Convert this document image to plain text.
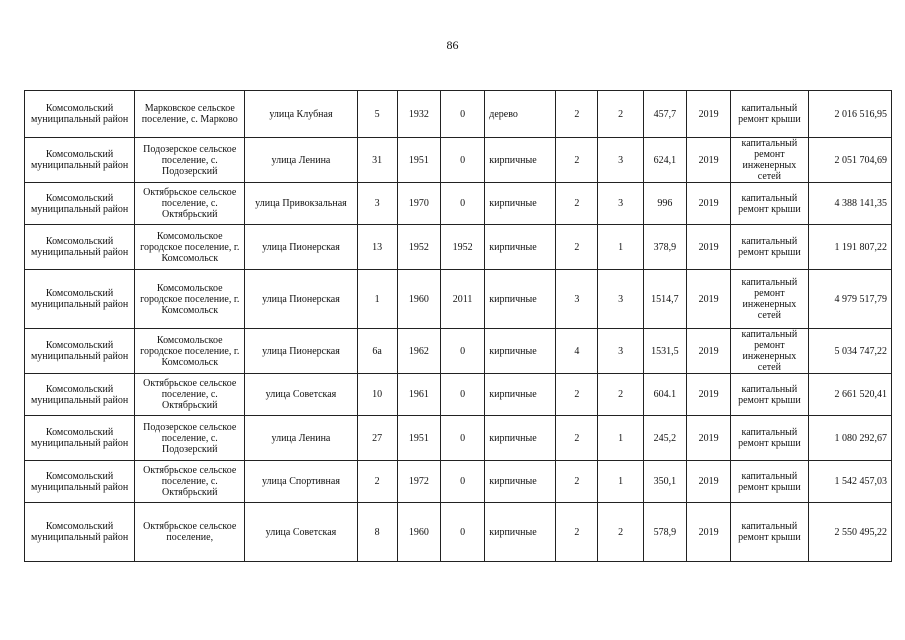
86
Комсомольский муниципальный район	Марковское сельское поселение, с. Марково	улица Клубная	5	1932	0	дерево	2	2	457,7	2019	капитальный ремонт крыши	2 016 516,95
Комсомольский муниципальный район	Подозерское сельское поселение, с. Подозерский	улица Ленина	31	1951	0	кирпичные	2	3	624,1	2019	капитальный ремонт инженерных сетей	2 051 704,69
Комсомольский муниципальный район	Октябрьское сельское поселение, с. Октябрьский	улица Привокзальная	3	1970	0	кирпичные	2	3	996	2019	капитальный ремонт крыши	4 388 141,35
Комсомольский муниципальный район	Комсомольское городское поселение, г. Комсомольск	улица Пионерская	13	1952	1952	кирпичные	2	1	378,9	2019	капитальный ремонт крыши	1 191 807,22
Комсомольский муниципальный район	Комсомольское городское поселение, г. Комсомольск	улица Пионерская	1	1960	2011	кирпичные	3	3	1514,7	2019	капитальный ремонт инженерных сетей	4 979 517,79
Комсомольский муниципальный район	Комсомольское городское поселение, г. Комсомольск	улица Пионерская	6а	1962	0	кирпичные	4	3	1531,5	2019	капитальный ремонт инженерных сетей	5 034 747,22
Комсомольский муниципальный район	Октябрьское сельское поселение, с. Октябрьский	улица Советская	10	1961	0	кирпичные	2	2	604.1	2019	капитальный ремонт крыши	2 661 520,41
Комсомольский муниципальный район	Подозерское сельское поселение, с. Подозерский	улица Ленина	27	1951	0	кирпичные	2	1	245,2	2019	капитальный ремонт крыши	1 080 292,67
Комсомольский муниципальный район	Октябрьское сельское поселение, с. Октябрьский	улица Спортивная	2	1972	0	кирпичные	2	1	350,1	2019	капитальный ремонт крыши	1 542 457,03
Комсомольский муниципальный район	Октябрьское сельское поселение,	улица Советская	8	1960	0	кирпичные	2	2	578,9	2019	капитальный ремонт крыши	2 550 495,22
